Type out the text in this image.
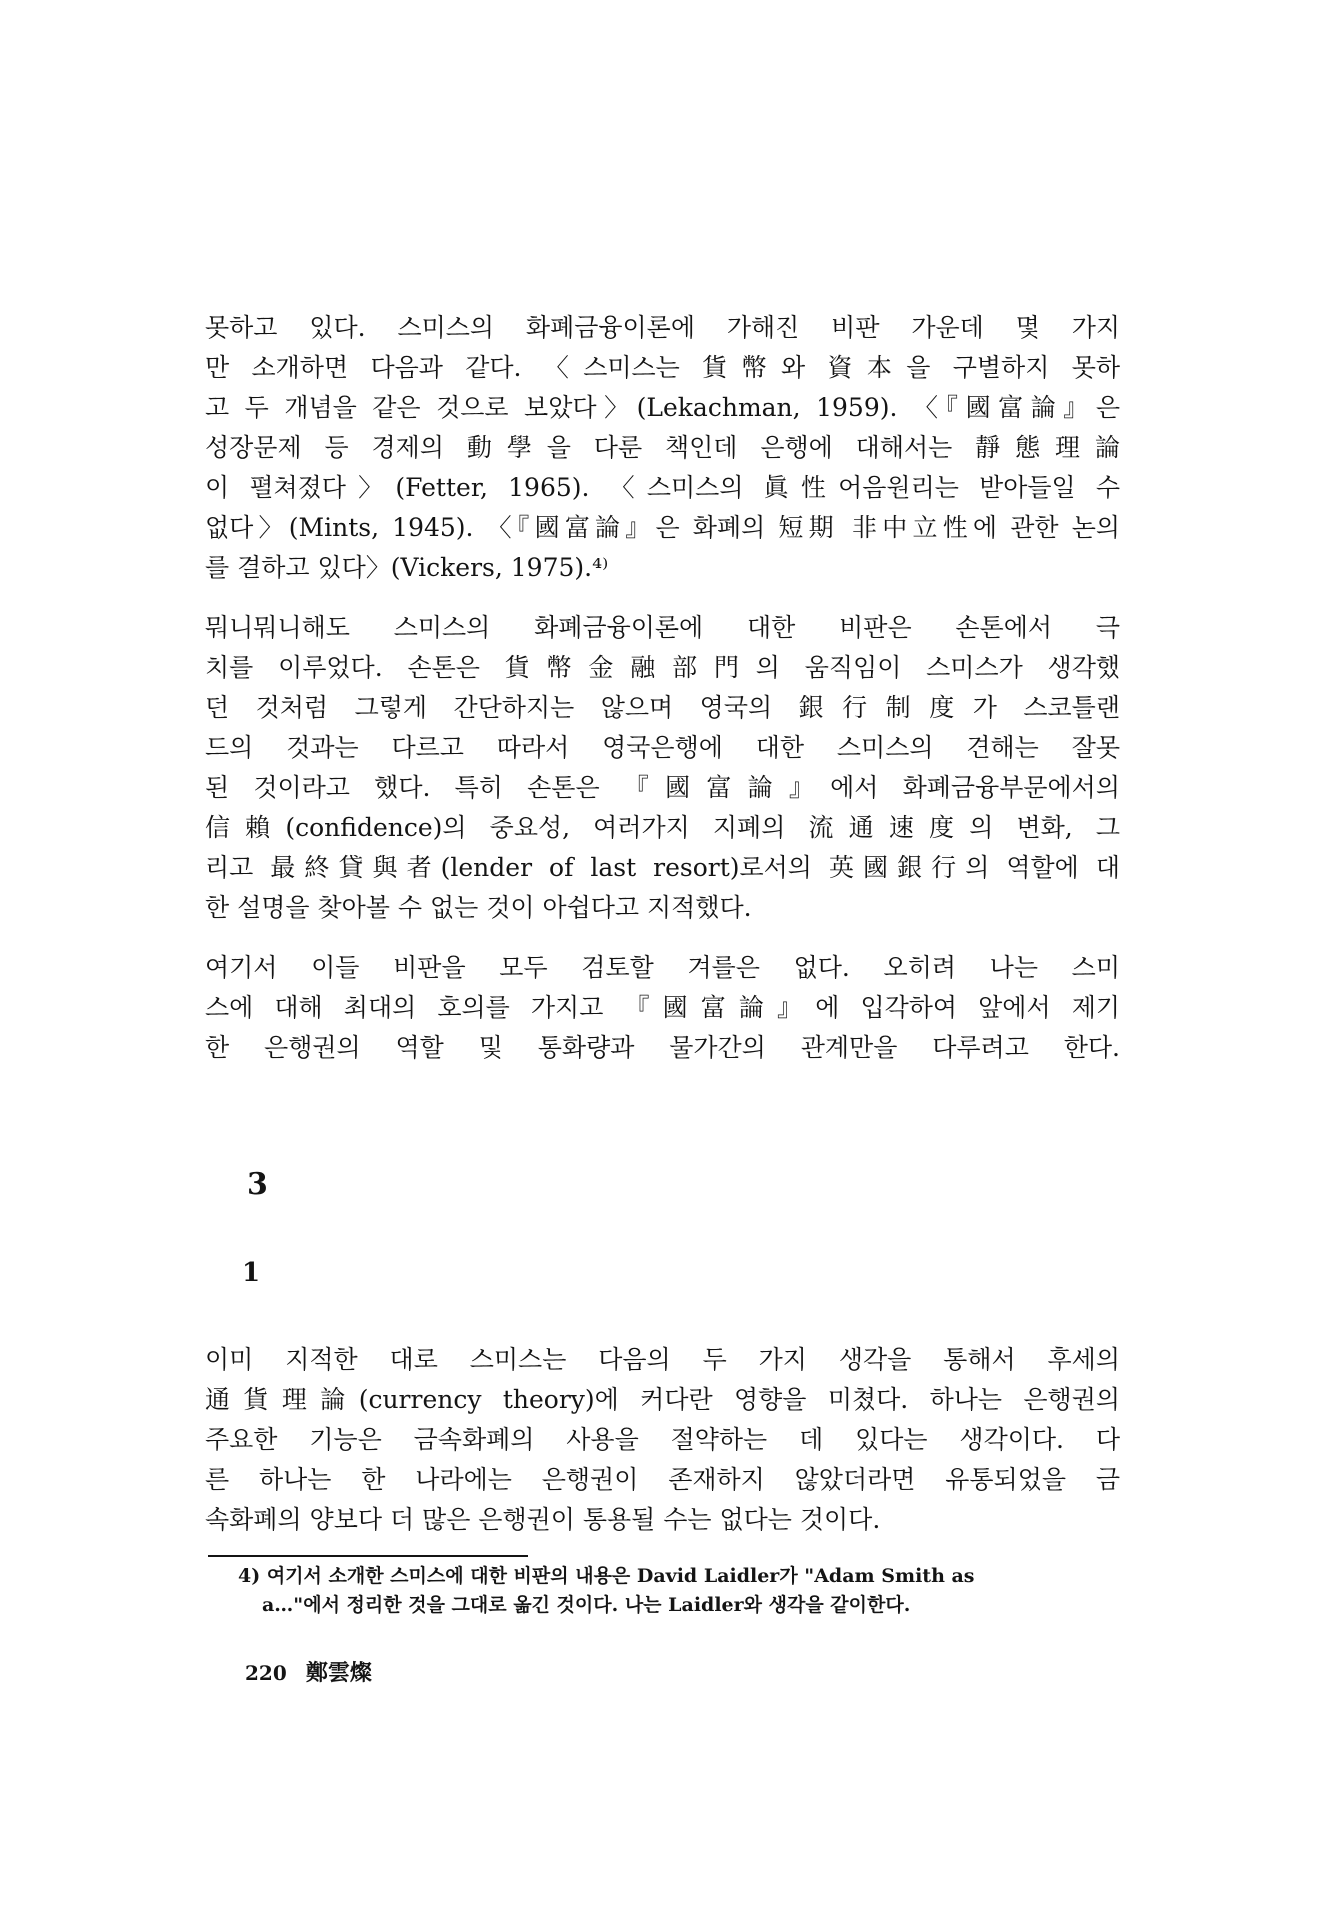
못하고 있다. 스미스의 화폐금융이론에 가해진 비판 가운데 몇 가지
만 소개하면 다음과 같다. 〈스미스는 貨幣와 資本을 구별하지 못하
고 두 개념을 같은 것으로 보았다〉(Lekachman, 1959). 〈『國富論』은
성장문제 등 경제의 動學을 다룬 책인데 은행에 대해서는 靜態理論
이 펼쳐졌다〉(Fetter, 1965). 〈스미스의 眞性어음원리는 받아들일 수
없다〉(Mints, 1945). 〈『國富論』은 화폐의 短期 非中立性에 관한 논의
를 결하고 있다〉(Vickers, 1975).⁴⁾
뭐니뭐니해도 스미스의 화폐금융이론에 대한 비판은 손톤에서 극
치를 이루었다. 손톤은 貨幣金融部門의 움직임이 스미스가 생각했
던 것처럼 그렇게 간단하지는 않으며 영국의 銀行制度가 스코틀랜
드의 것과는 다르고 따라서 영국은행에 대한 스미스의 견해는 잘못
된 것이라고 했다. 특히 손톤은 『國富論』에서 화폐금융부문에서의
信賴(confidence)의 중요성, 여러가지 지폐의 流通速度의 변화, 그
리고 最終貸與者(lender of last resort)로서의 英國銀行의 역할에 대
한 설명을 찾아볼 수 없는 것이 아쉽다고 지적했다.
여기서 이들 비판을 모두 검토할 겨를은 없다. 오히려 나는 스미
스에 대해 최대의 호의를 가지고 『國富論』에 입각하여 앞에서 제기
한 은행권의 역할 및 통화량과 물가간의 관계만을 다루려고 한다.
3
1
이미 지적한 대로 스미스는 다음의 두 가지 생각을 통해서 후세의
通貨理論(currency theory)에 커다란 영향을 미쳤다. 하나는 은행권의
주요한 기능은 금속화폐의 사용을 절약하는 데 있다는 생각이다. 다
른 하나는 한 나라에는 은행권이 존재하지 않았더라면 유통되었을 금
속화폐의 양보다 더 많은 은행권이 통용될 수는 없다는 것이다.
4) 여기서 소개한 스미스에 대한 비판의 내용은 David Laidler가 "Adam Smith as
a…"에서 정리한 것을 그대로 옮긴 것이다. 나는 Laidler와 생각을 같이한다.
220 鄭雲燦
